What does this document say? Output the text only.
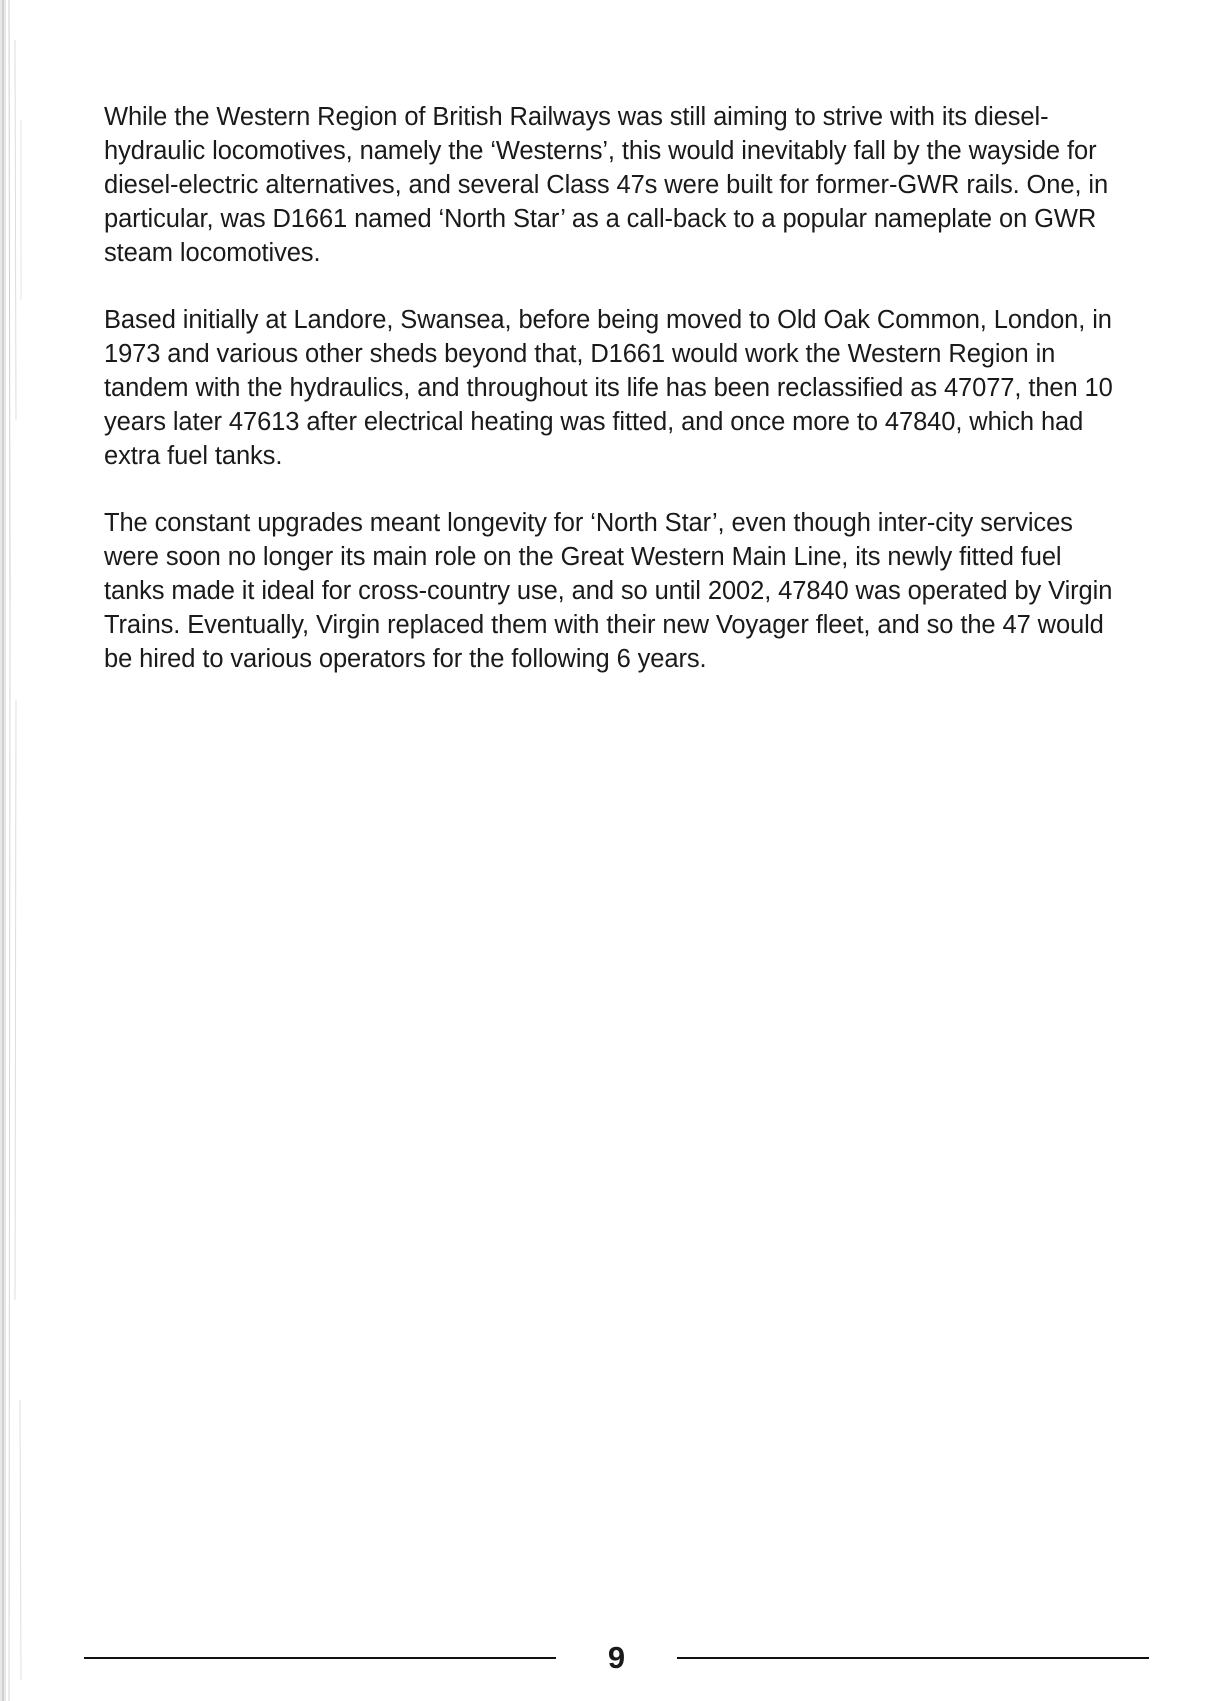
While the Western Region of British Railways was still aiming to strive with its diesel-hydraulic locomotives, namely the ‘Westerns’, this would inevitably fall by the wayside for diesel-electric alternatives, and several Class 47s were built for former-GWR rails. One, in particular, was D1661 named ‘North Star’ as a call-back to a popular nameplate on GWR steam locomotives.

Based initially at Landore, Swansea, before being moved to Old Oak Common, London, in 1973 and various other sheds beyond that, D1661 would work the Western Region in tandem with the hydraulics, and throughout its life has been reclassified as 47077, then 10 years later 47613 after electrical heating was fitted, and once more to 47840, which had extra fuel tanks.

The constant upgrades meant longevity for ‘North Star’, even though inter-city services were soon no longer its main role on the Great Western Main Line, its newly fitted fuel tanks made it ideal for cross-country use, and so until 2002, 47840 was operated by Virgin Trains. Eventually, Virgin replaced them with their new Voyager fleet, and so the 47 would be hired to various operators for the following 6 years.

9
